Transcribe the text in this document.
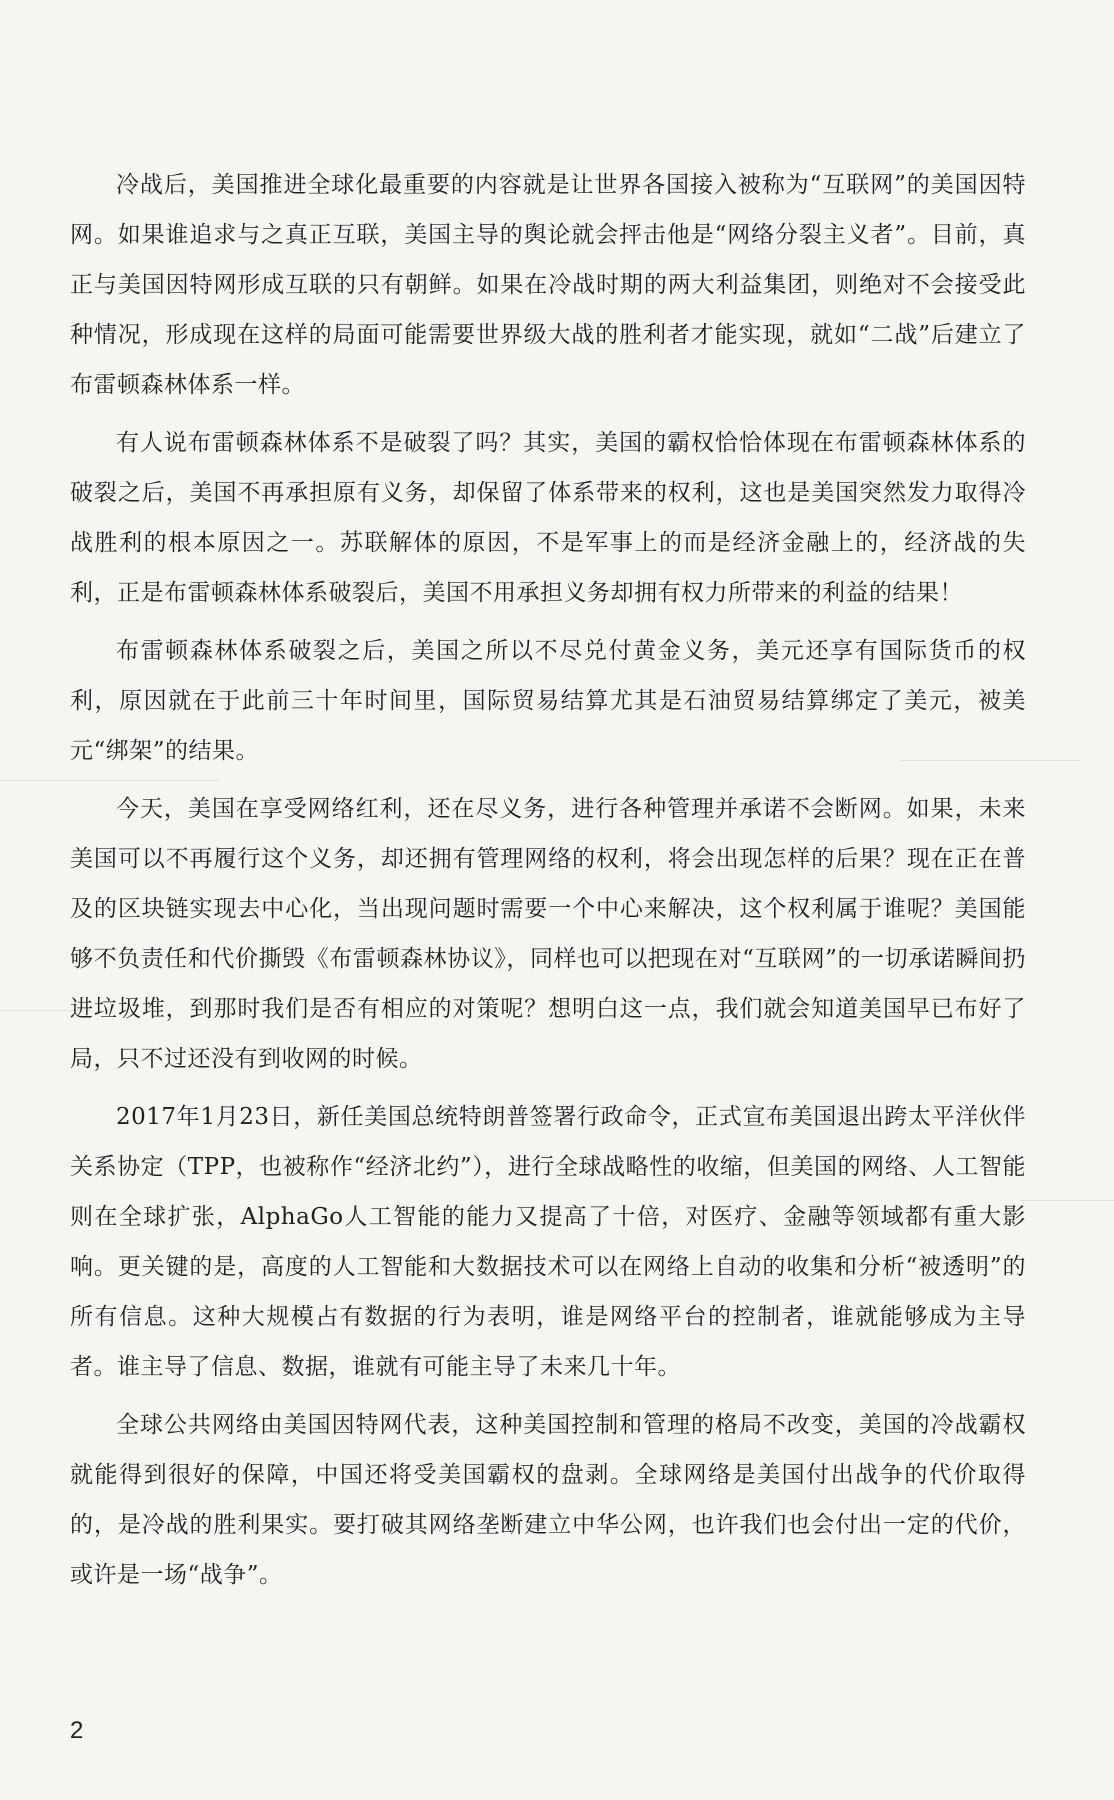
冷战后，美国推进全球化最重要的内容就是让世界各国接入被称为“互联网”的美国因特网。如果谁追求与之真正互联，美国主导的舆论就会抨击他是“网络分裂主义者”。目前，真正与美国因特网形成互联的只有朝鲜。如果在冷战时期的两大利益集团，则绝对不会接受此种情况，形成现在这样的局面可能需要世界级大战的胜利者才能实现，就如“二战”后建立了布雷顿森林体系一样。

有人说布雷顿森林体系不是破裂了吗？其实，美国的霸权恰恰体现在布雷顿森林体系的破裂之后，美国不再承担原有义务，却保留了体系带来的权利，这也是美国突然发力取得冷战胜利的根本原因之一。苏联解体的原因，不是军事上的而是经济金融上的，经济战的失利，正是布雷顿森林体系破裂后，美国不用承担义务却拥有权力所带来的利益的结果！

布雷顿森林体系破裂之后，美国之所以不尽兑付黄金义务，美元还享有国际货币的权利，原因就在于此前三十年时间里，国际贸易结算尤其是石油贸易结算绑定了美元，被美元“绑架”的结果。

今天，美国在享受网络红利，还在尽义务，进行各种管理并承诺不会断网。如果，未来美国可以不再履行这个义务，却还拥有管理网络的权利，将会出现怎样的后果？现在正在普及的区块链实现去中心化，当出现问题时需要一个中心来解决，这个权利属于谁呢？美国能够不负责任和代价撕毁《布雷顿森林协议》，同样也可以把现在对“互联网”的一切承诺瞬间扔进垃圾堆，到那时我们是否有相应的对策呢？想明白这一点，我们就会知道美国早已布好了局，只不过还没有到收网的时候。

2017年1月23日，新任美国总统特朗普签署行政命令，正式宣布美国退出跨太平洋伙伴关系协定（TPP，也被称作“经济北约”），进行全球战略性的收缩，但美国的网络、人工智能则在全球扩张，AlphaGo人工智能的能力又提高了十倍，对医疗、金融等领域都有重大影响。更关键的是，高度的人工智能和大数据技术可以在网络上自动的收集和分析“被透明”的所有信息。这种大规模占有数据的行为表明，谁是网络平台的控制者，谁就能够成为主导者。谁主导了信息、数据，谁就有可能主导了未来几十年。

全球公共网络由美国因特网代表，这种美国控制和管理的格局不改变，美国的冷战霸权就能得到很好的保障，中国还将受美国霸权的盘剥。全球网络是美国付出战争的代价取得的，是冷战的胜利果实。要打破其网络垄断建立中华公网，也许我们也会付出一定的代价，或许是一场“战争”。

2
